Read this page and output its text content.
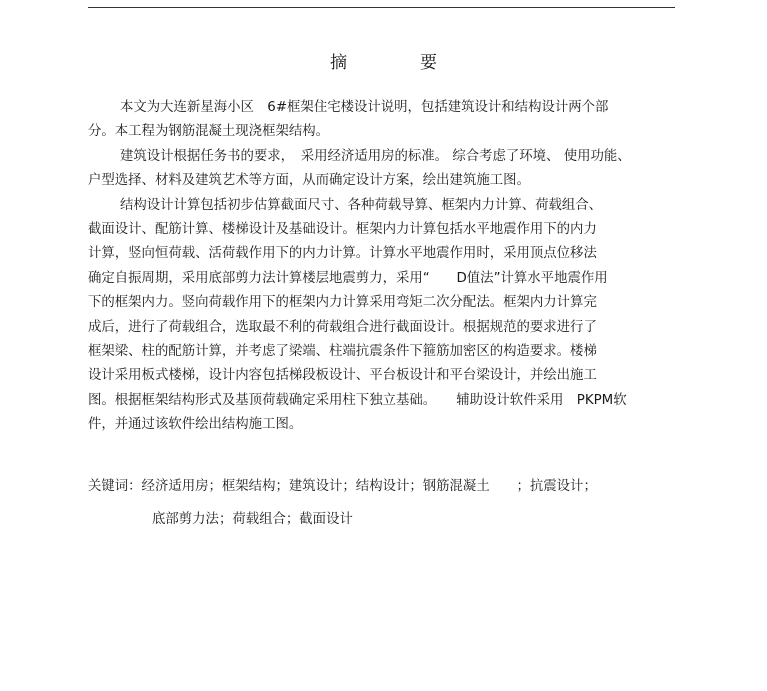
摘　要
本文为大连新星海小区　6#框架住宅楼设计说明，包括建筑设计和结构设计两个部
分。本工程为钢筋混凝土现浇框架结构。
建筑设计根据任务书的要求，　采用经济适用房的标准。 综合考虑了环境、 使用功能、
户型选择、材料及建筑艺术等方面，从而确定设计方案，绘出建筑施工图。
结构设计计算包括初步估算截面尺寸、各种荷载导算、框架内力计算、荷载组合、
截面设计、配筋计算、楼梯设计及基础设计。框架内力计算包括水平地震作用下的内力
计算，竖向恒荷载、活荷载作用下的内力计算。计算水平地震作用时，采用顶点位移法
确定自振周期，采用底部剪力法计算楼层地震剪力，采用“　　D值法”计算水平地震作用
下的框架内力。竖向荷载作用下的框架内力计算采用弯矩二次分配法。框架内力计算完
成后，进行了荷载组合，选取最不利的荷载组合进行截面设计。根据规范的要求进行了
框架梁、柱的配筋计算，并考虑了梁端、柱端抗震条件下箍筋加密区的构造要求。楼梯
设计采用板式楼梯，设计内容包括梯段板设计、平台板设计和平台梁设计，并绘出施工
图。根据框架结构形式及基顶荷载确定采用柱下独立基础。　　辅助设计软件采用　PKPM软
件，并通过该软件绘出结构施工图。
关键词：经济适用房；框架结构；建筑设计；结构设计；钢筋混凝土　　；抗震设计；
底部剪力法；荷载组合；截面设计
